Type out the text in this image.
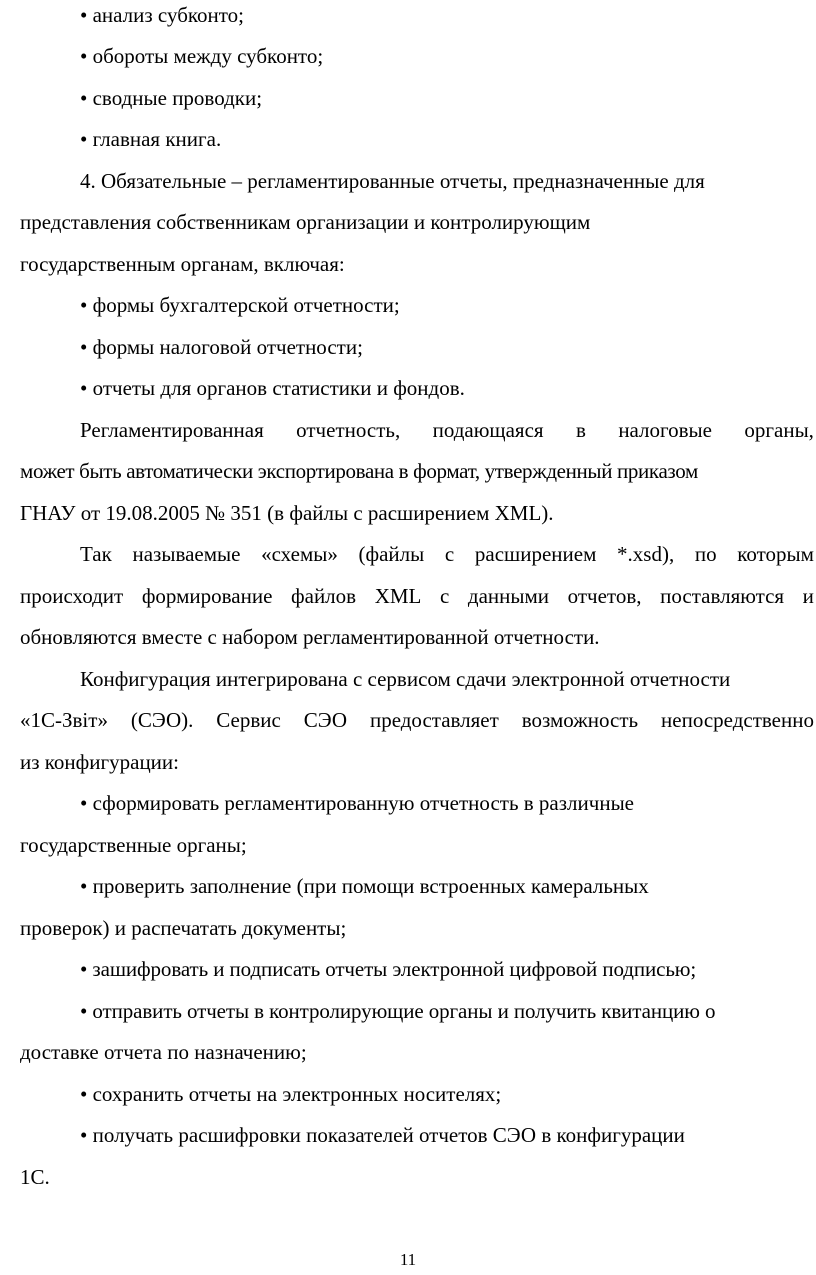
• анализ субконто;
• обороты между субконто;
• сводные проводки;
• главная книга.
4. Обязательные – регламентированные отчеты, предназначенные для
представления собственникам организации и контролирующим
государственным органам, включая:
• формы бухгалтерской отчетности;
• формы налоговой отчетности;
• отчеты для органов статистики и фондов.
Регламентированная отчетность, подающаяся в налоговые органы,
может быть автоматически экспортирована в формат, утвержденный приказом
ГНАУ от 19.08.2005 № 351 (в файлы с расширением XML).
Так называемые «схемы» (файлы с расширением *.xsd), по которым
происходит формирование файлов XML с данными отчетов, поставляются и
обновляются вместе с набором регламентированной отчетности.
Конфигурация интегрирована с сервисом сдачи электронной отчетности
«1С-Звіт» (СЭО). Сервис СЭО предоставляет возможность непосредственно
из конфигурации:
• сформировать регламентированную отчетность в различные
государственные органы;
• проверить заполнение (при помощи встроенных камеральных
проверок) и распечатать документы;
• зашифровать и подписать отчеты электронной цифровой подписью;
• отправить отчеты в контролирующие органы и получить квитанцию о
доставке отчета по назначению;
• сохранить отчеты на электронных носителях;
• получать расшифровки показателей отчетов СЭО в конфигурации
1С.
11
